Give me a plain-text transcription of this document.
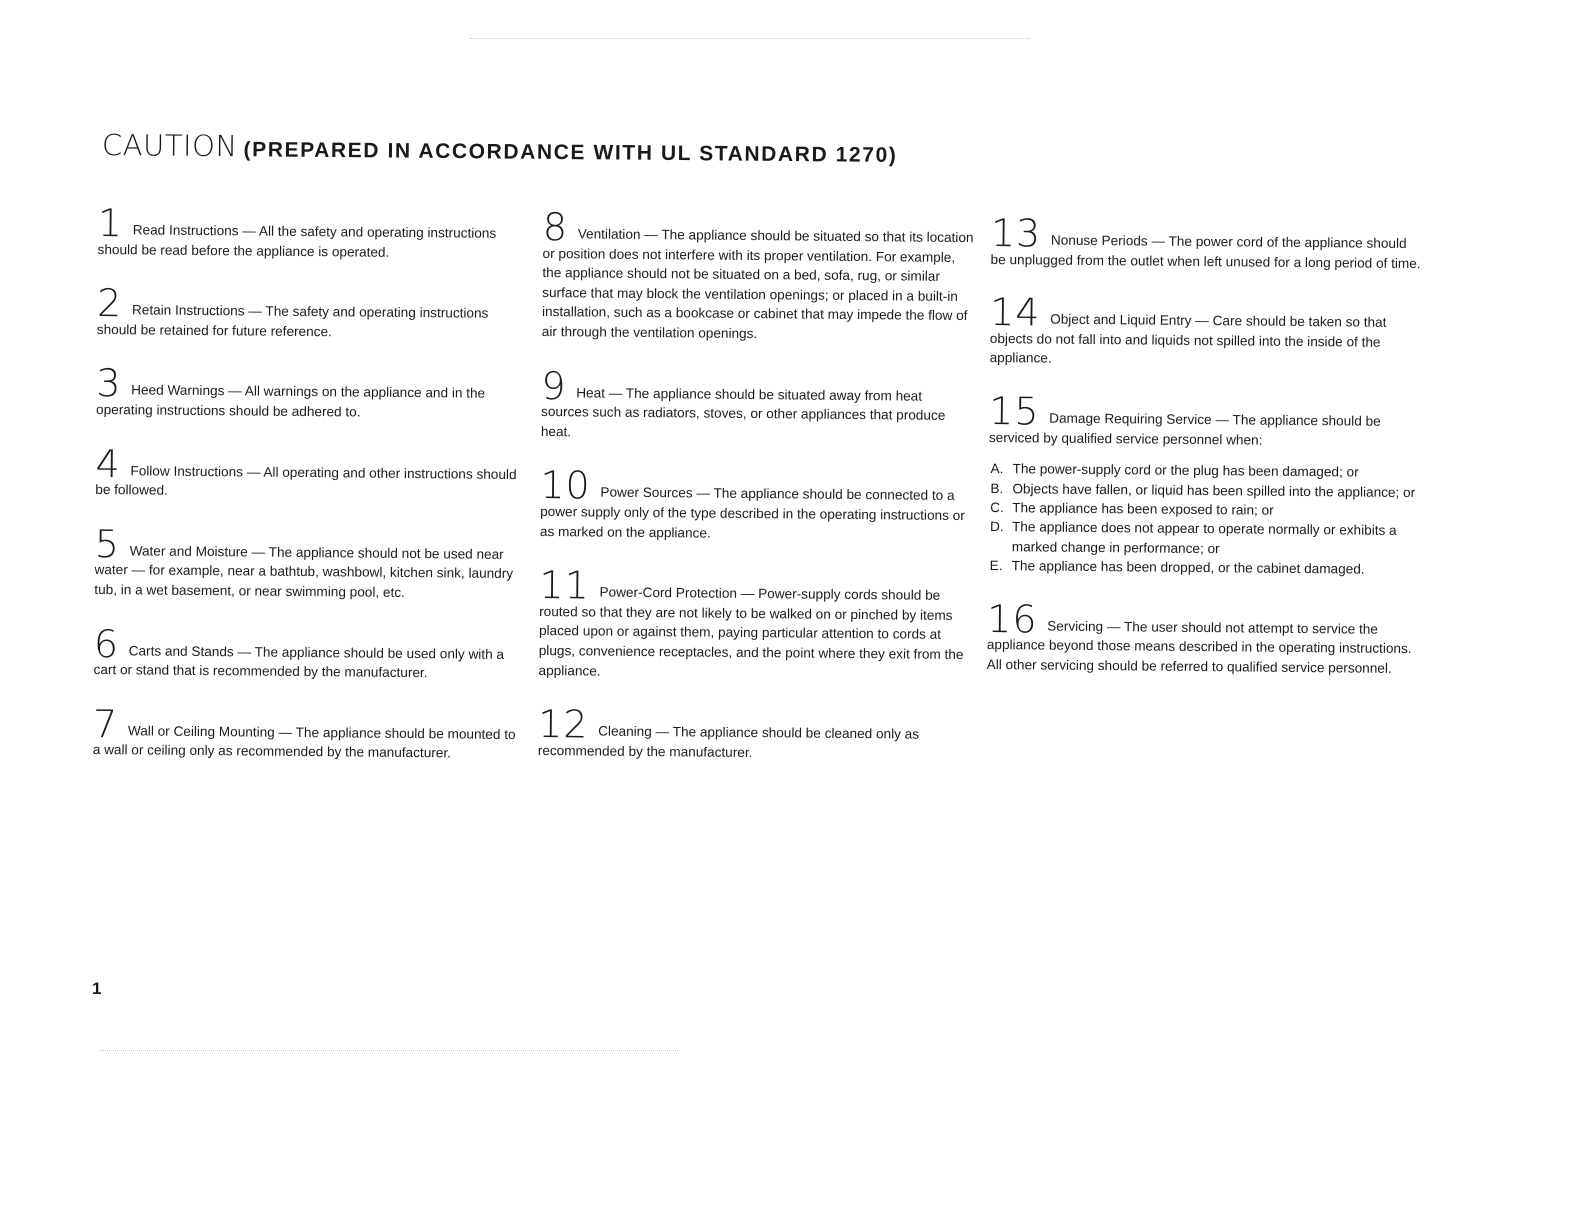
CAUTION (PREPARED IN ACCORDANCE WITH UL STANDARD 1270)
1 Read Instructions — All the safety and operating instructions should be read before the appliance is operated.
2 Retain Instructions — The safety and operating instructions should be retained for future reference.
3 Heed Warnings — All warnings on the appliance and in the operating instructions should be adhered to.
4 Follow Instructions — All operating and other instructions should be followed.
5 Water and Moisture — The appliance should not be used near water — for example, near a bathtub, washbowl, kitchen sink, laundry tub, in a wet basement, or near swimming pool, etc.
6 Carts and Stands — The appliance should be used only with a cart or stand that is recommended by the manufacturer.
7 Wall or Ceiling Mounting — The appliance should be mounted to a wall or ceiling only as recommended by the manufacturer.
8 Ventilation — The appliance should be situated so that its location or position does not interfere with its proper ventilation. For example, the appliance should not be situated on a bed, sofa, rug, or similar surface that may block the ventilation openings; or placed in a built-in installation, such as a bookcase or cabinet that may impede the flow of air through the ventilation openings.
9 Heat — The appliance should be situated away from heat sources such as radiators, stoves, or other appliances that produce heat.
10 Power Sources — The appliance should be connected to a power supply only of the type described in the operating instructions or as marked on the appliance.
11 Power-Cord Protection — Power-supply cords should be routed so that they are not likely to be walked on or pinched by items placed upon or against them, paying particular attention to cords at plugs, convenience receptacles, and the point where they exit from the appliance.
12 Cleaning — The appliance should be cleaned only as recommended by the manufacturer.
13 Nonuse Periods — The power cord of the appliance should be unplugged from the outlet when left unused for a long period of time.
14 Object and Liquid Entry — Care should be taken so that objects do not fall into and liquids not spilled into the inside of the appliance.
15 Damage Requiring Service — The appliance should be serviced by qualified service personnel when:
A. The power-supply cord or the plug has been damaged; or
B. Objects have fallen, or liquid has been spilled into the appliance; or
C. The appliance has been exposed to rain; or
D. The appliance does not appear to operate normally or exhibits a marked change in performance; or
E. The appliance has been dropped, or the cabinet damaged.
16 Servicing — The user should not attempt to service the appliance beyond those means described in the operating instructions. All other servicing should be referred to qualified service personnel.
1
